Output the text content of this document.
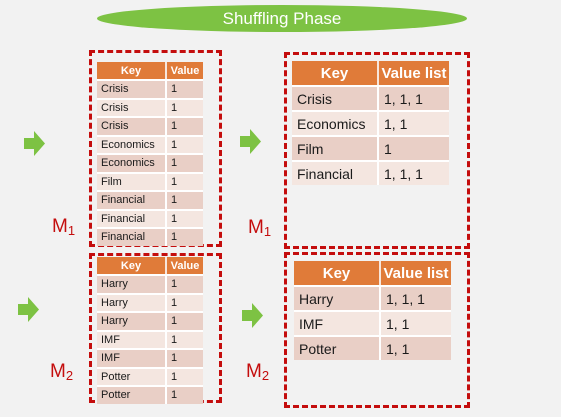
Shuffling Phase
Key	Value
Crisis	1
Crisis	1
Crisis	1
Economics	1
Economics	1
Film	1
Financial	1
Financial	1
Financial	1
Key	Value list
Crisis	1, 1, 1
Economics	1, 1
Film	1
Financial	1, 1, 1
Key	Value
Harry	1
Harry	1
Harry	1
IMF	1
IMF	1
Potter	1
Potter	1
Key	Value list
Harry	1, 1, 1
IMF	1, 1
Potter	1, 1
$M_1$	$M_1$
$M_2$	$M_2$
